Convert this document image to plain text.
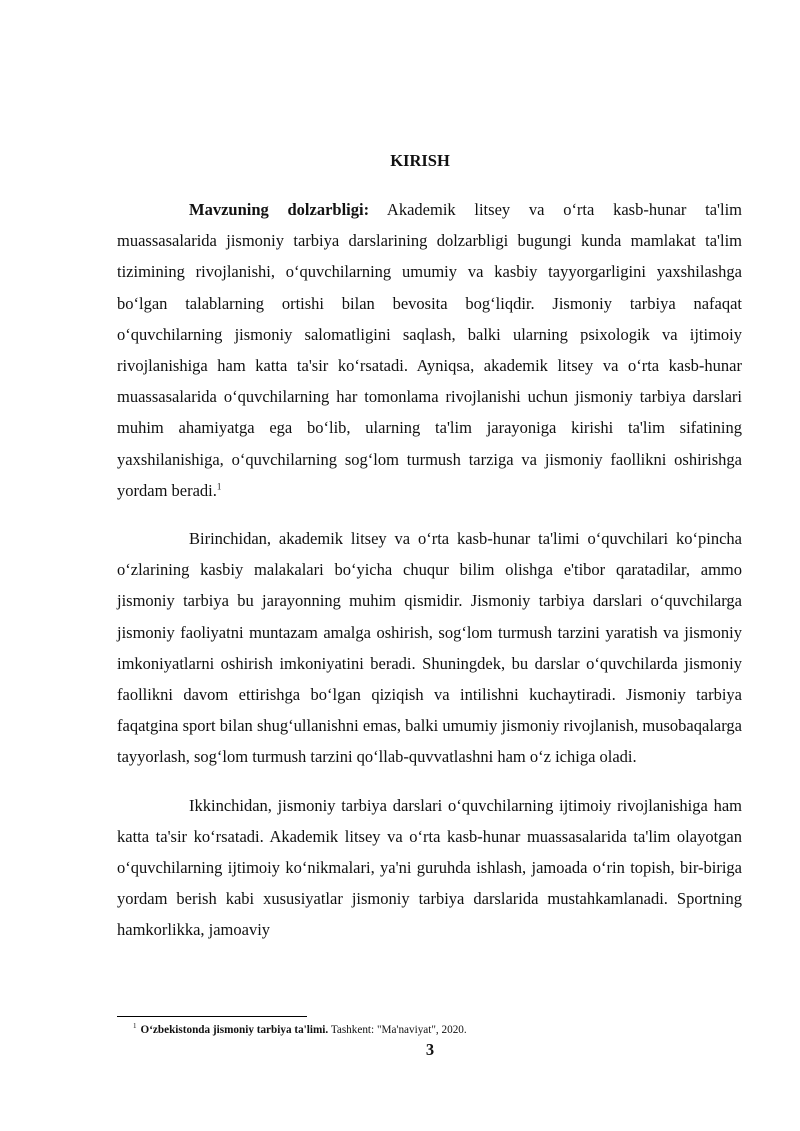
KIRISH

Mavzuning dolzarbligi: Akademik litsey va o‘rta kasb-hunar ta'lim muassasalarida jismoniy tarbiya darslarining dolzarbligi bugungi kunda mamlakat ta'lim tizimining rivojlanishi, o‘quvchilarning umumiy va kasbiy tayyorgarligini yaxshilashga bo‘lgan talablarning ortishi bilan bevosita bog‘liqdir. Jismoniy tarbiya nafaqat o‘quvchilarning jismoniy salomatligini saqlash, balki ularning psixologik va ijtimoiy rivojlanishiga ham katta ta'sir ko‘rsatadi. Ayniqsa, akademik litsey va o‘rta kasb-hunar muassasalarida o‘quvchilarning har tomonlama rivojlanishi uchun jismoniy tarbiya darslari muhim ahamiyatga ega bo‘lib, ularning ta'lim jarayoniga kirishi ta'lim sifatining yaxshilanishiga, o‘quvchilarning sog‘lom turmush tarziga va jismoniy faollikni oshirishga yordam beradi.$^1$

Birinchidan, akademik litsey va o‘rta kasb-hunar ta'limi o‘quvchilari ko‘pincha o‘zlarining kasbiy malakalari bo‘yicha chuqur bilim olishga e'tibor qaratadilar, ammo jismoniy tarbiya bu jarayonning muhim qismidir. Jismoniy tarbiya darslari o‘quvchilarga jismoniy faoliyatni muntazam amalga oshirish, sog‘lom turmush tarzini yaratish va jismoniy imkoniyatlarni oshirish imkoniyatini beradi. Shuningdek, bu darslar o‘quvchilarda jismoniy faollikni davom ettirishga bo‘lgan qiziqish va intilishni kuchaytiradi. Jismoniy tarbiya faqatgina sport bilan shug‘ullanishni emas, balki umumiy jismoniy rivojlanish, musobaqalarga tayyorlash, sog‘lom turmush tarzini qo‘llab-quvvatlashni ham o‘z ichiga oladi.

Ikkinchidan, jismoniy tarbiya darslari o‘quvchilarning ijtimoiy rivojlanishiga ham katta ta'sir ko‘rsatadi. Akademik litsey va o‘rta kasb-hunar muassasalarida ta'lim olayotgan o‘quvchilarning ijtimoiy ko‘nikmalari, ya'ni guruhda ishlash, jamoada o‘rin topish, bir-biriga yordam berish kabi xususiyatlar jismoniy tarbiya darslarida mustahkamlanadi. Sportning hamkorlikka, jamoaviy

$^1$ O‘zbekistonda jismoniy tarbiya ta'limi. Tashkent: "Ma'naviyat", 2020.
3
